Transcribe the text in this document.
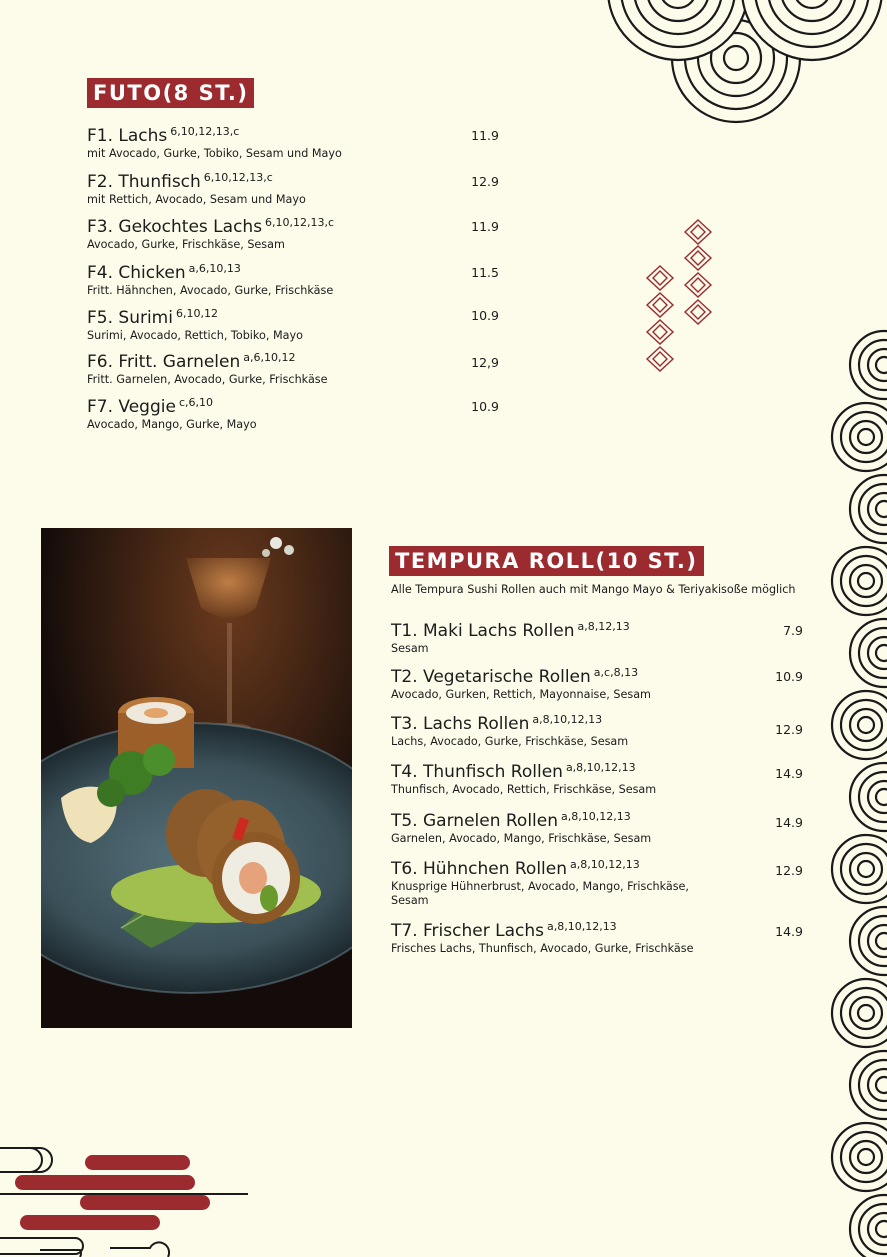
FUTO(8 ST.)
F1. Lachs $^{6,10,12,13,c}$
mit Avocado, Gurke, Tobiko, Sesam und Mayo
11.9
F2. Thunfisch $^{6,10,12,13,c}$
mit Rettich, Avocado, Sesam und Mayo
12.9
F3. Gekochtes Lachs $^{6,10,12,13,c}$
Avocado, Gurke, Frischkäse, Sesam
11.9
F4. Chicken $^{a,6,10,13}$
Fritt. Hähnchen, Avocado, Gurke, Frischkäse
11.5
F5. Surimi $^{6,10,12}$
Surimi, Avocado, Rettich, Tobiko, Mayo
10.9
F6. Fritt. Garnelen $^{a,6,10,12}$
Fritt. Garnelen, Avocado, Gurke, Frischkäse
12,9
F7. Veggie $^{c,6,10}$
Avocado, Mango, Gurke, Mayo
10.9
TEMPURA ROLL(10 ST.)
Alle Tempura Sushi Rollen auch mit Mango Mayo & Teriyakisoße möglich
T1. Maki Lachs Rollen $^{a,8,12,13}$
Sesam
7.9
T2. Vegetarische Rollen $^{a,c,8,13}$
Avocado, Gurken, Rettich, Mayonnaise, Sesam
10.9
T3. Lachs Rollen $^{a,8,10,12,13}$
Lachs, Avocado, Gurke, Frischkäse, Sesam
12.9
T4. Thunfisch Rollen $^{a,8,10,12,13}$
Thunfisch, Avocado, Rettich, Frischkäse, Sesam
14.9
T5. Garnelen Rollen $^{a,8,10,12,13}$
Garnelen, Avocado, Mango, Frischkäse, Sesam
14.9
T6. Hühnchen Rollen $^{a,8,10,12,13}$
Knusprige Hühnerbrust, Avocado, Mango, Frischkäse, Sesam
12.9
T7. Frischer Lachs $^{a,8,10,12,13}$
Frisches Lachs, Thunfisch, Avocado, Gurke, Frischkäse
14.9
